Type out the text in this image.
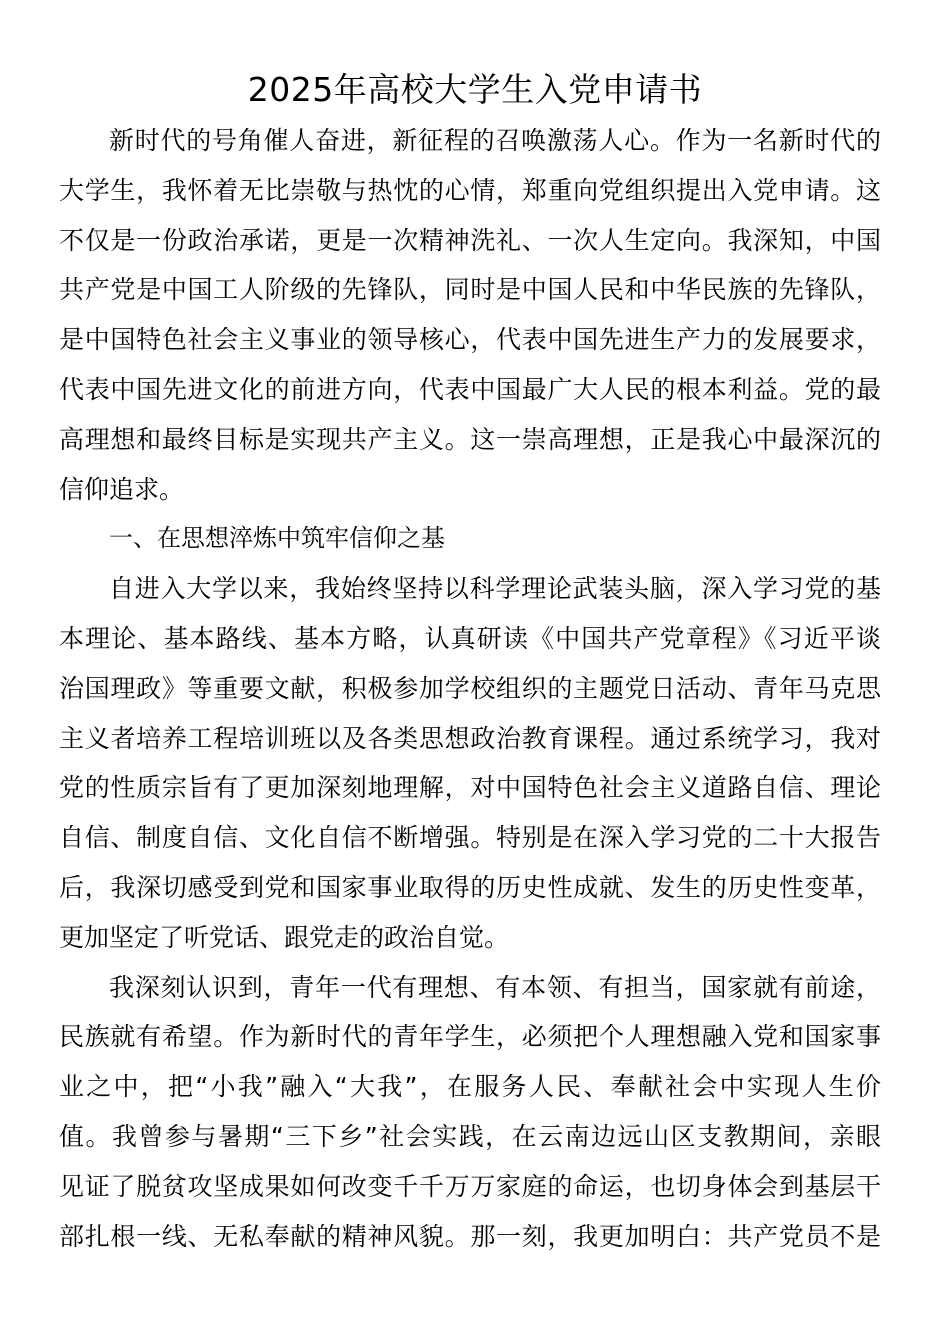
2025年高校大学生入党申请书
新时代的号角催人奋进，新征程的召唤激荡人心。作为一名新时代的
大学生，我怀着无比崇敬与热忱的心情，郑重向党组织提出入党申请。这
不仅是一份政治承诺，更是一次精神洗礼、一次人生定向。我深知，中国
共产党是中国工人阶级的先锋队，同时是中国人民和中华民族的先锋队，
是中国特色社会主义事业的领导核心，代表中国先进生产力的发展要求，
代表中国先进文化的前进方向，代表中国最广大人民的根本利益。党的最
高理想和最终目标是实现共产主义。这一崇高理想，正是我心中最深沉的
信仰追求。
一、在思想淬炼中筑牢信仰之基
自进入大学以来，我始终坚持以科学理论武装头脑，深入学习党的基
本理论、基本路线、基本方略，认真研读《中国共产党章程》《习近平谈
治国理政》等重要文献，积极参加学校组织的主题党日活动、青年马克思
主义者培养工程培训班以及各类思想政治教育课程。通过系统学习，我对
党的性质宗旨有了更加深刻地理解，对中国特色社会主义道路自信、理论
自信、制度自信、文化自信不断增强。特别是在深入学习党的二十大报告
后，我深切感受到党和国家事业取得的历史性成就、发生的历史性变革，
更加坚定了听党话、跟党走的政治自觉。
我深刻认识到，青年一代有理想、有本领、有担当，国家就有前途，
民族就有希望。作为新时代的青年学生，必须把个人理想融入党和国家事
业之中，把“小我”融入“大我”，在服务人民、奉献社会中实现人生价
值。我曾参与暑期“三下乡”社会实践，在云南边远山区支教期间，亲眼
见证了脱贫攻坚成果如何改变千千万万家庭的命运，也切身体会到基层干
部扎根一线、无私奉献的精神风貌。那一刻，我更加明白：共产党员不是
